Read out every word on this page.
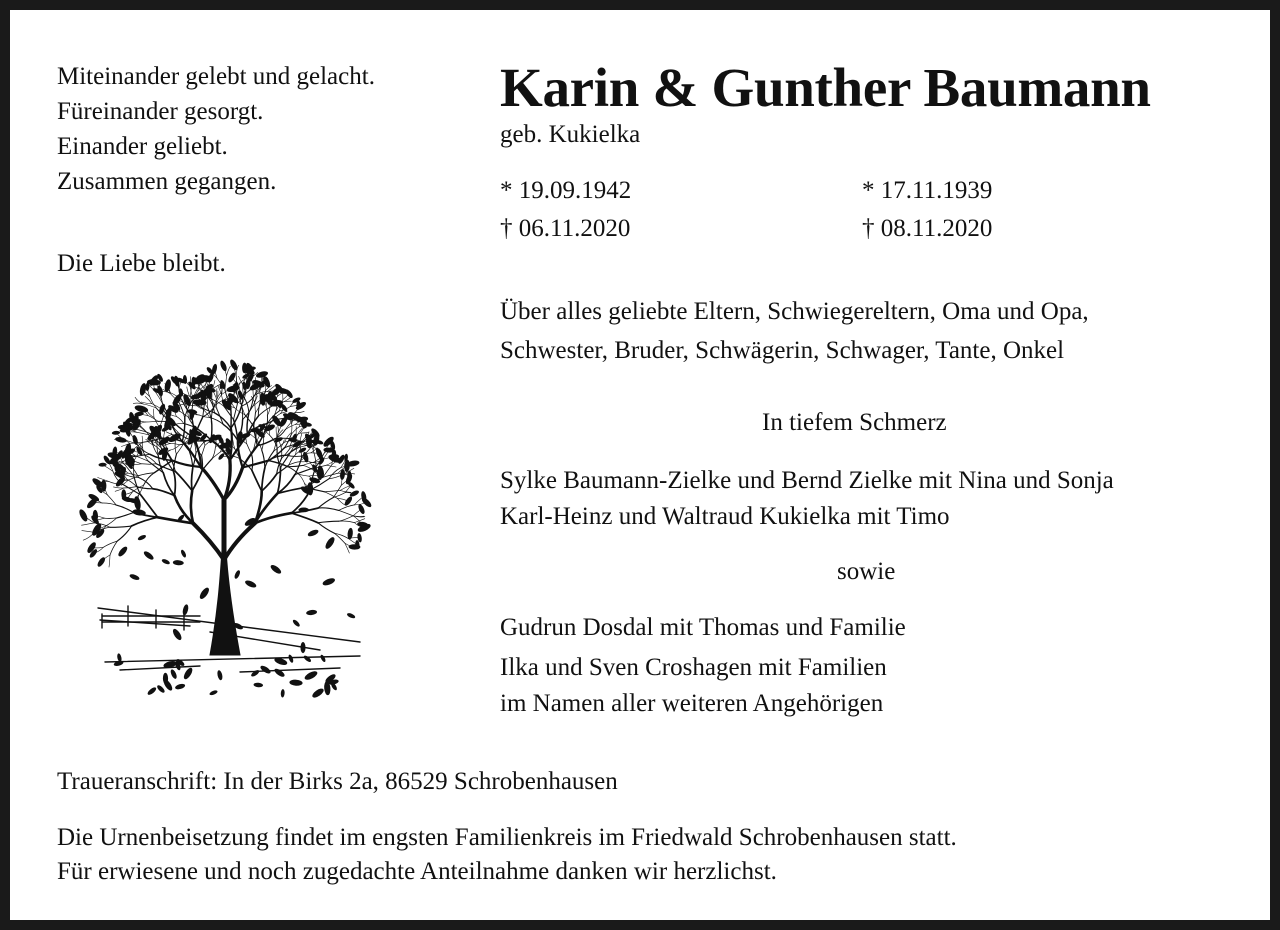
Miteinander gelebt und gelacht.
Füreinander gesorgt.
Einander geliebt.
Zusammen gegangen.
Die Liebe bleibt.
Karin & Gunther Baumann
geb. Kukielka
* 19.09.1942
† 06.11.2020
* 17.11.1939
† 08.11.2020
Über alles geliebte Eltern, Schwiegereltern, Oma und Opa,
Schwester, Bruder, Schwägerin, Schwager, Tante, Onkel
In tiefem Schmerz
Sylke Baumann-Zielke und Bernd Zielke mit Nina und Sonja
Karl-Heinz und Waltraud Kukielka mit Timo
sowie
Gudrun Dosdal mit Thomas und Familie
Ilka und Sven Croshagen mit Familien
im Namen aller weiteren Angehörigen
Traueranschrift: In der Birks 2a, 86529 Schrobenhausen
Die Urnenbeisetzung findet im engsten Familienkreis im Friedwald Schrobenhausen statt.
Für erwiesene und noch zugedachte Anteilnahme danken wir herzlichst.
